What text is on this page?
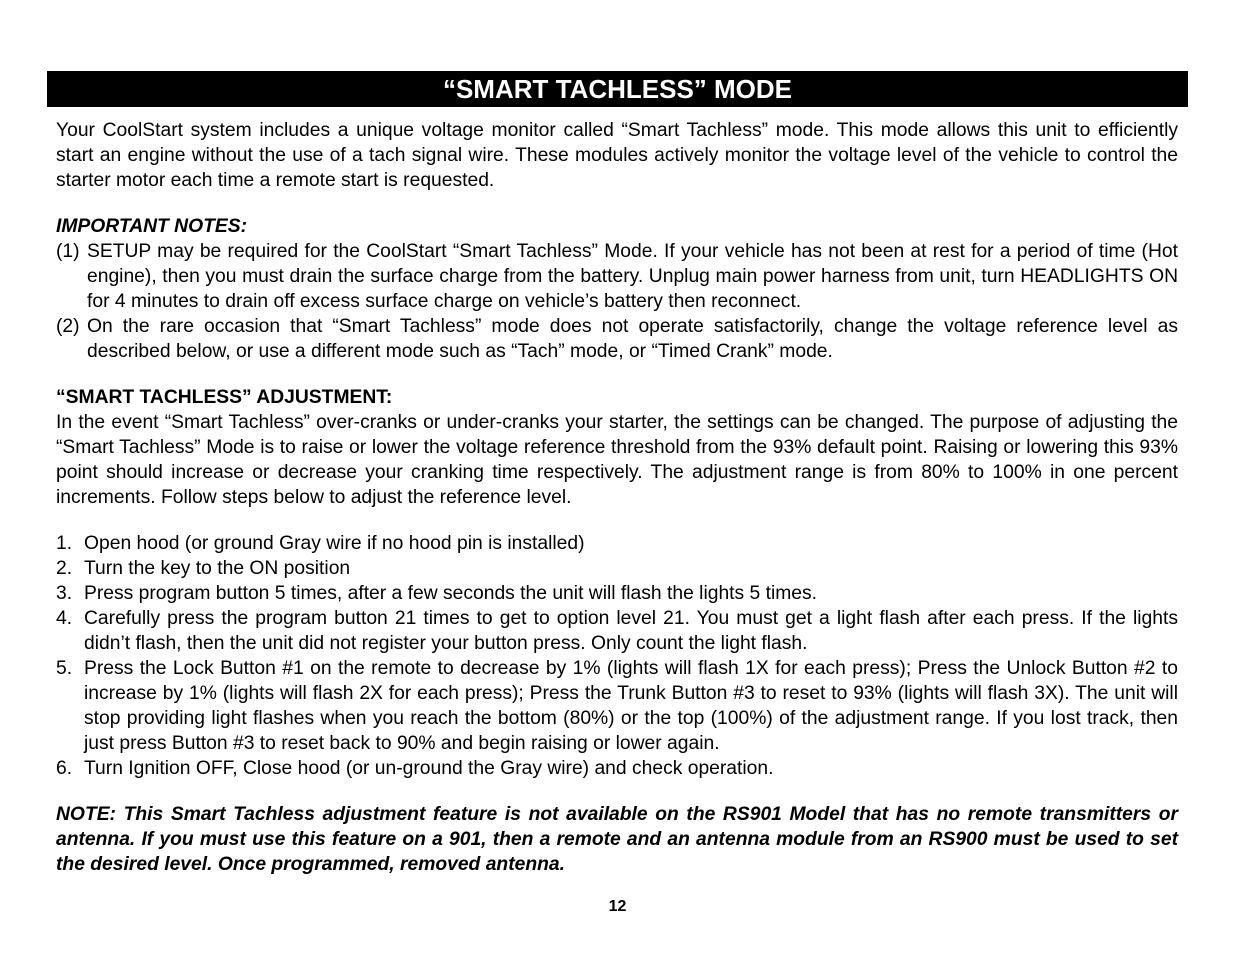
“SMART TACHLESS” MODE

Your CoolStart system includes a unique voltage monitor called “Smart Tachless” mode. This mode allows this unit to efficiently start an engine without the use of a tach signal wire. These modules actively monitor the voltage level of the vehicle to control the starter motor each time a remote start is requested.

IMPORTANT NOTES:

(1) SETUP may be required for the CoolStart “Smart Tachless” Mode. If your vehicle has not been at rest for a period of time (Hot engine), then you must drain the surface charge from the battery. Unplug main power harness from unit, turn HEADLIGHTS ON for 4 minutes to drain off excess surface charge on vehicle’s battery then reconnect.
(2) On the rare occasion that “Smart Tachless” mode does not operate satisfactorily, change the voltage reference level as described below, or use a different mode such as “Tach” mode, or “Timed Crank” mode.

“SMART TACHLESS” ADJUSTMENT:

In the event “Smart Tachless” over-cranks or under-cranks your starter, the settings can be changed. The purpose of adjusting the “Smart Tachless” Mode is to raise or lower the voltage reference threshold from the 93% default point. Raising or lowering this 93% point should increase or decrease your cranking time respectively. The adjustment range is from 80% to 100% in one percent increments. Follow steps below to adjust the reference level.

1. Open hood (or ground Gray wire if no hood pin is installed)
2. Turn the key to the ON position
3. Press program button 5 times, after a few seconds the unit will flash the lights 5 times.
4. Carefully press the program button 21 times to get to option level 21. You must get a light flash after each press. If the lights didn’t flash, then the unit did not register your button press. Only count the light flash.
5. Press the Lock Button #1 on the remote to decrease by 1% (lights will flash 1X for each press); Press the Unlock Button #2 to increase by 1% (lights will flash 2X for each press); Press the Trunk Button #3 to reset to 93% (lights will flash 3X). The unit will stop providing light flashes when you reach the bottom (80%) or the top (100%) of the adjustment range. If you lost track, then just press Button #3 to reset back to 90% and begin raising or lower again.
6. Turn Ignition OFF, Close hood (or un-ground the Gray wire) and check operation.

NOTE: This Smart Tachless adjustment feature is not available on the RS901 Model that has no remote transmitters or antenna. If you must use this feature on a 901, then a remote and an antenna module from an RS900 must be used to set the desired level. Once programmed, removed antenna.

12
